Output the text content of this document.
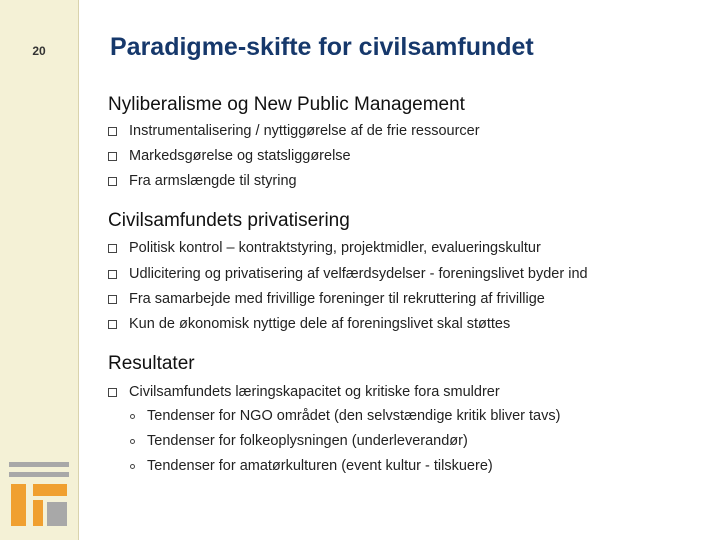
20	Paradigme-skifte for civilsamfundet
Nyliberalisme og New Public Management
Instrumentalisering / nyttiggørelse af de frie ressourcer
Markedsgørelse og statsliggørelse
Fra armslængde til styring
Civilsamfundets privatisering
Politisk kontrol – kontraktstyring, projektmidler, evalueringskultur
Udlicitering og privatisering af velfærdsydelser - foreningslivet byder ind
Fra samarbejde med frivillige foreninger til rekruttering af frivillige
Kun de økonomisk nyttige dele af foreningslivet skal støttes
Resultater
Civilsamfundets læringskapacitet og kritiske fora smuldrer
Tendenser for NGO området (den selvstændige kritik bliver tavs)
Tendenser for folkeoplysningen (underleverandør)
Tendenser for amatørkulturen (event kultur - tilskuere)
